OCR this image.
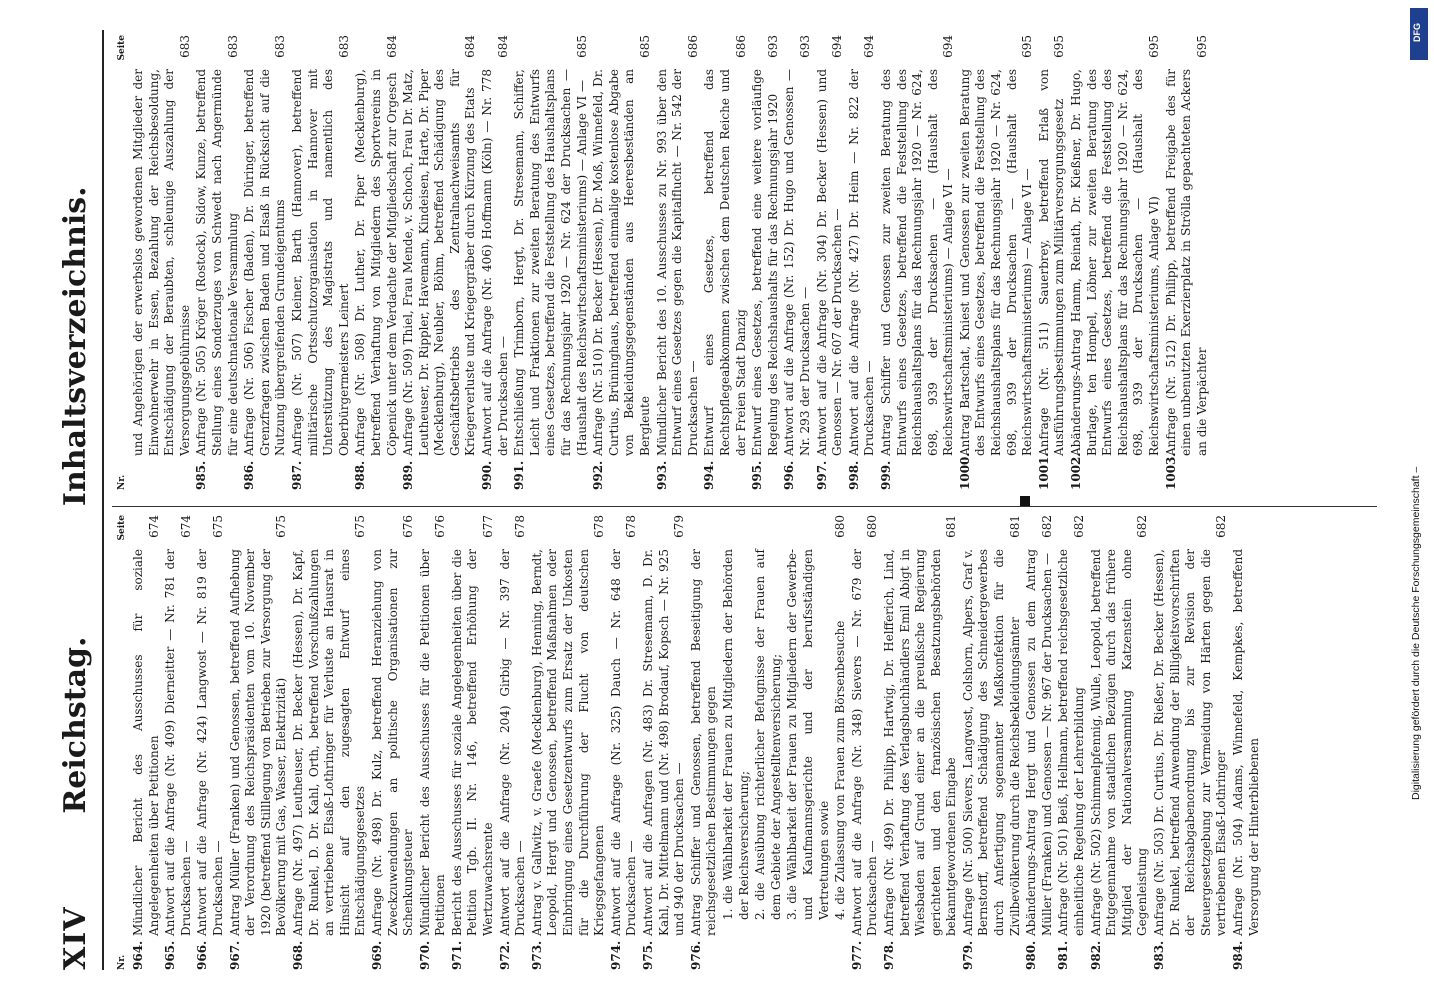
XIV
Reichstag. Inhaltsverzeichnis.
Nr.
Seite
964.
Mündlicher Bericht des Ausschusses für soziale Angelegenheiten über Petitionen
674
965.
Antwort auf die Anfrage (Nr. 409) Dierneitter — Nr. 781 der Drucksachen —
674
966.
Antwort auf die Anfrage (Nr. 424) Langwost — Nr. 819 der Drucksachen —
675
967.
Antrag Müller (Franken) und Genossen, betreffend Aufhebung der Verordnung des Reichspräsidenten vom 10. November 1920 (betreffend Stilllegung von Betrieben zur Versorgung der Bevölkerung mit Gas, Wasser, Elektrizität)
675
968.
Anfrage (Nr. 497) Leutheuser, Dr. Becker (Hessen), Dr. Kapf, Dr. Runkel, D. Dr. Kahl, Orth, betreffend Vorschußzahlungen an vertriebene Elsaß-Lothringer für Verluste an Hausrat in Hinsicht auf den zugesagten Entwurf eines Entschädigungsgesetzes
675
969.
Anfrage (Nr. 498) Dr. Kulz, betreffend Heranziehung von Zweckzuwendungen an politische Organisationen zur Schenkungsteuer
676
970.
Mündlicher Bericht des Ausschusses für die Petitionen über Petitionen
676
971.
Bericht des Ausschusses für soziale Angelegenheiten über die Petition Tgb. II. Nr. 146, betreffend Erhöhung der Wertzuwachsrente
677
972.
Antwort auf die Anfrage (Nr. 204) Girbig — Nr. 397 der Drucksachen —
678
973.
Antrag v. Gallwitz, v. Graefe (Mecklenburg), Henning, Berndt, Leopold, Hergt und Genossen, betreffend Maßnahmen oder Einbringung eines Gesetzentwurfs zum Ersatz der Unkosten für die Durchführung der Flucht von deutschen Kriegsgefangenen
678
974.
Antwort auf die Anfrage (Nr. 325) Dauch — Nr. 648 der Drucksachen —
678
975.
Antwort auf die Anfragen (Nr. 483) Dr. Stresemann, D. Dr. Kahl, Dr. Mittelmann und (Nr. 498) Brodauf, Kopsch — Nr. 925 und 940 der Drucksachen —
679
976.
Antrag Schiffer und Genossen, betreffend Beseitigung der reichsgesetzlichen Bestimmungen gegen 1. die Wählbarkeit der Frauen zu Mitgliedern der Behörden der Reichsversicherung; 2. die Ausübung richterlicher Befugnisse der Frauen auf dem Gebiete der Angestelltenversicherung; 3. die Wählbarkeit der Frauen zu Mitgliedern der Gewerbe- und Kaufmannsgerichte und der berufsständigen Vertretungen sowie 4. die Zulassung von Frauen zum Börsenbesuche
680
977.
Antwort auf die Anfrage (Nr. 348) Sievers — Nr. 679 der Drucksachen —
680
978.
Anfrage (Nr. 499) Dr. Philipp, Hartwig, Dr. Helfferich, Lind, betreffend Verhaftung des Verlagsbuchhändlers Emil Abigt in Wiesbaden auf Grund einer an die preußische Regierung gerichteten und den französischen Besatzungsbehörden bekanntgewordenen Eingabe
681
979.
Anfrage (Nr. 500) Sievers, Langwost, Colshorn, Alpers, Graf v. Bernstorff, betreffend Schädigung des Schneidergewerbes durch Anfertigung sogenannter Maßkonfektion für die Zivilbevölkerung durch die Reichsbekleidungsämter
681
980.
Abänderungs-Antrag Hergt und Genossen zu dem Antrag Müller (Franken) und Genossen — Nr. 967 der Drucksachen —
682
981.
Anfrage (Nr. 501) Beiß, Hellmann, betreffend reichsgesetzliche einheitliche Regelung der Lehrerbildung
682
982.
Anfrage (Nr. 502) Schimmelpfennig, Wulle, Leopold, betreffend Entgegennahme von staatlichen Bezügen durch das frühere Mitglied der Nationalversammlung Katzenstein ohne Gegenleistung
682
983.
Anfrage (Nr. 503) Dr. Curtius, Dr. Rießer, Dr. Becker (Hessen), Dr. Runkel, betreffend Anwendung der Billigkeitsvorschriften der Reichsabgabenordnung bis zur Revision der Steuergesetzgebung zur Vermeidung von Härten gegen die vertriebenen Elsaß-Lothringer
682
984.
Anfrage (Nr. 504) Adams, Winnefeld, Kempkes, betreffend Versorgung der Hinterbliebenen
Nr.
Seite
und Angehörigen der erwerbslos gewordenen Mitglieder der Einwohnerwehr in Essen, Bezahlung der Reichsbesoldung, Entschädigung der Beraubten, schleunige Auszahlung der Versorgungsgebührnisse
683
985.
Anfrage (Nr. 505) Kröger (Rostock), Sidow, Kunze, betreffend Stellung eines Sonderzuges von Schwedt nach Angermünde für eine deutschnationale Versammlung
683
986.
Anfrage (Nr. 506) Fischer (Baden), Dr. Düringer, betreffend Grenzfragen zwischen Baden und Elsaß in Rücksicht auf die Nutzung übergreifenden Grundeigentums
683
987.
Anfrage (Nr. 507) Kleiner, Barth (Hannover), betreffend militärische Ortsschutzorganisation in Hannover mit Unterstützung des Magistrats und namentlich des Oberbürgermeisters Leinert
683
988.
Anfrage (Nr. 508) Dr. Luther, Dr. Piper (Mecklenburg), betreffend Verhaftung von Mitgliedern des Sportvereins in Cöpenick unter dem Verdachte der Mitgliedschaft zur Orgesch
684
989.
Anfrage (Nr. 509) Thiel, Frau Mende, v. Schoch, Frau Dr. Matz, Leutheuser, Dr. Rippler, Havemann, Kindeisen, Harte, Dr. Piper (Mecklenburg), Neubler, Böhm, betreffend Schädigung des Geschäftsbetriebs des Zentralnachweisamts für Kriegerverluste und Kriegergräber durch Kürzung des Etats
684
990.
Antwort auf die Anfrage (Nr. 406) Hoffmann (Köln) — Nr. 778 der Drucksachen —
684
991.
Entschließung Trimborn, Hergt, Dr. Stresemann, Schiffer, Leicht und Fraktionen zur zweiten Beratung des Entwurfs eines Gesetzes, betreffend die Feststellung des Haushaltsplans für das Rechnungsjahr 1920 — Nr. 624 der Drucksachen — (Haushalt des Reichswirtschaftsministeriums) — Anlage VI —
685
992.
Anfrage (Nr. 510) Dr. Becker (Hessen), Dr. Moß, Winnefeld, Dr. Curtius, Brüninghaus, betreffend einmalige kostenlose Abgabe von Bekleidungsgegenständen aus Heeresbeständen an Bergleute
685
993.
Mündlicher Bericht des 10. Ausschusses zu Nr. 993 über den Entwurf eines Gesetzes gegen die Kapitalflucht — Nr. 542 der Drucksachen —
686
994.
Entwurf eines Gesetzes, betreffend das Rechtspflegeabkommen zwischen dem Deutschen Reiche und der Freien Stadt Danzig
686
995.
Entwurf eines Gesetzes, betreffend eine weitere vorläufige Regelung des Reichshaushalts für das Rechnungsjahr 1920
693
996.
Antwort auf die Anfrage (Nr. 152) Dr. Hugo und Genossen — Nr. 293 der Drucksachen —
693
997.
Antwort auf die Anfrage (Nr. 304) Dr. Becker (Hessen) und Genossen — Nr. 607 der Drucksachen —
694
998.
Antwort auf die Anfrage (Nr. 427) Dr. Heim — Nr. 822 der Drucksachen —
694
999.
Antrag Schiffer und Genossen zur zweiten Beratung des Entwurfs eines Gesetzes, betreffend die Feststellung des Reichshaushaltsplans für das Rechnungsjahr 1920 — Nr. 624, 698, 939 der Drucksachen — (Haushalt des Reichswirtschaftsministeriums) — Anlage VI —
694
1000.
Antrag Bartschat, Kniest und Genossen zur zweiten Beratung des Entwurfs eines Gesetzes, betreffend die Feststellung des Reichshaushaltsplans für das Rechnungsjahr 1920 — Nr. 624, 698, 939 der Drucksachen — (Haushalt des Reichswirtschaftsministeriums) — Anlage VI —
695
1001.
Anfrage (Nr. 511) Sauerbrey, betreffend Erlaß von Ausführungsbestimmungen zum Militärversorgungsgesetz
695
1002.
Abänderungs-Antrag Hamm, Reinath, Dr. Kießner, Dr. Hugo, Burlage, ten Hompel, Löbner zur zweiten Beratung des Entwurfs eines Gesetzes, betreffend die Feststellung des Reichshaushaltsplans für das Rechnungsjahr 1920 — Nr. 624, 698, 939 der Drucksachen — (Haushalt des Reichswirtschaftsministeriums, Anlage VI)
695
1003.
Anfrage (Nr. 512) Dr. Philipp, betreffend Freigabe des für einen unbenutzten Exerzierplatz in Strölla gepachteten Ackers an die Verpächter
695
DFG
Digitalisierung gefördert durch die Deutsche Forschungsgemeinschaft –
